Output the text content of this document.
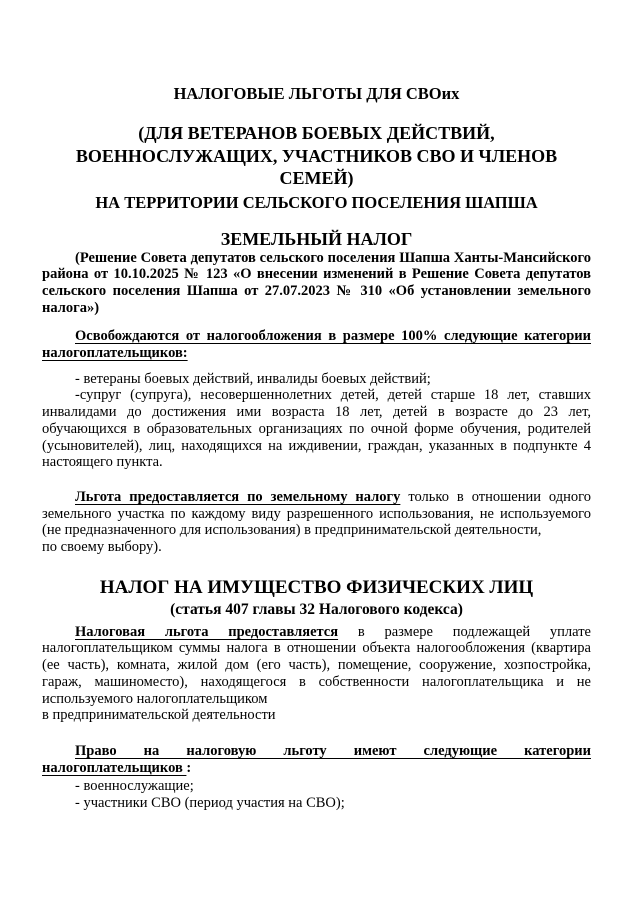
НАЛОГОВЫЕ ЛЬГОТЫ ДЛЯ СВОих
(ДЛЯ ВЕТЕРАНОВ БОЕВЫХ ДЕЙСТВИЙ,
ВОЕННОСЛУЖАЩИХ, УЧАСТНИКОВ СВО И ЧЛЕНОВ
СЕМЕЙ)
НА ТЕРРИТОРИИ СЕЛЬСКОГО ПОСЕЛЕНИЯ ШАПША
ЗЕМЕЛЬНЫЙ НАЛОГ

(Решение Совета депутатов сельского поселения Шапша Ханты-Мансийского района от 10.10.2025 № 123 «О внесении изменений в Решение Совета депутатов сельского поселения Шапша от 27.07.2023 № 310 «Об установлении земельного налога»)

Освобождаются от налогообложения в размере 100% следующие категории налогоплательщиков:

- ветераны боевых действий, инвалиды боевых действий;

-супруг (супруга), несовершеннолетних детей, детей старше 18 лет, ставших инвалидами до достижения ими возраста 18 лет, детей в возрасте до 23 лет, обучающихся в образовательных организациях по очной форме обучения, родителей (усыновителей), лиц, находящихся на иждивении, граждан, указанных в подпункте 4 настоящего пункта.

Льгота предоставляется по земельному налогу только в отношении одного земельного участка по каждому виду разрешенного использования, не используемого (не предназначенного для использования) в предпринимательской деятельности,

по своему выбору).

НАЛОГ НА ИМУЩЕСТВО ФИЗИЧЕСКИХ ЛИЦ
(статья 407 главы 32 Налогового кодекса)

Налоговая льгота предоставляется в размере подлежащей уплате налогоплательщиком суммы налога в отношении объекта налогообложения (квартира (ее часть), комната, жилой дом (его часть), помещение, сооружение, хозпостройка, гараж, машиноместо), находящегося в собственности налогоплательщика и не используемого налогоплательщиком

в предпринимательской деятельности

Право на налоговую льготу имеют следующие категории налогоплательщиков :

- военнослужащие;

- участники СВО (период участия на СВО);
